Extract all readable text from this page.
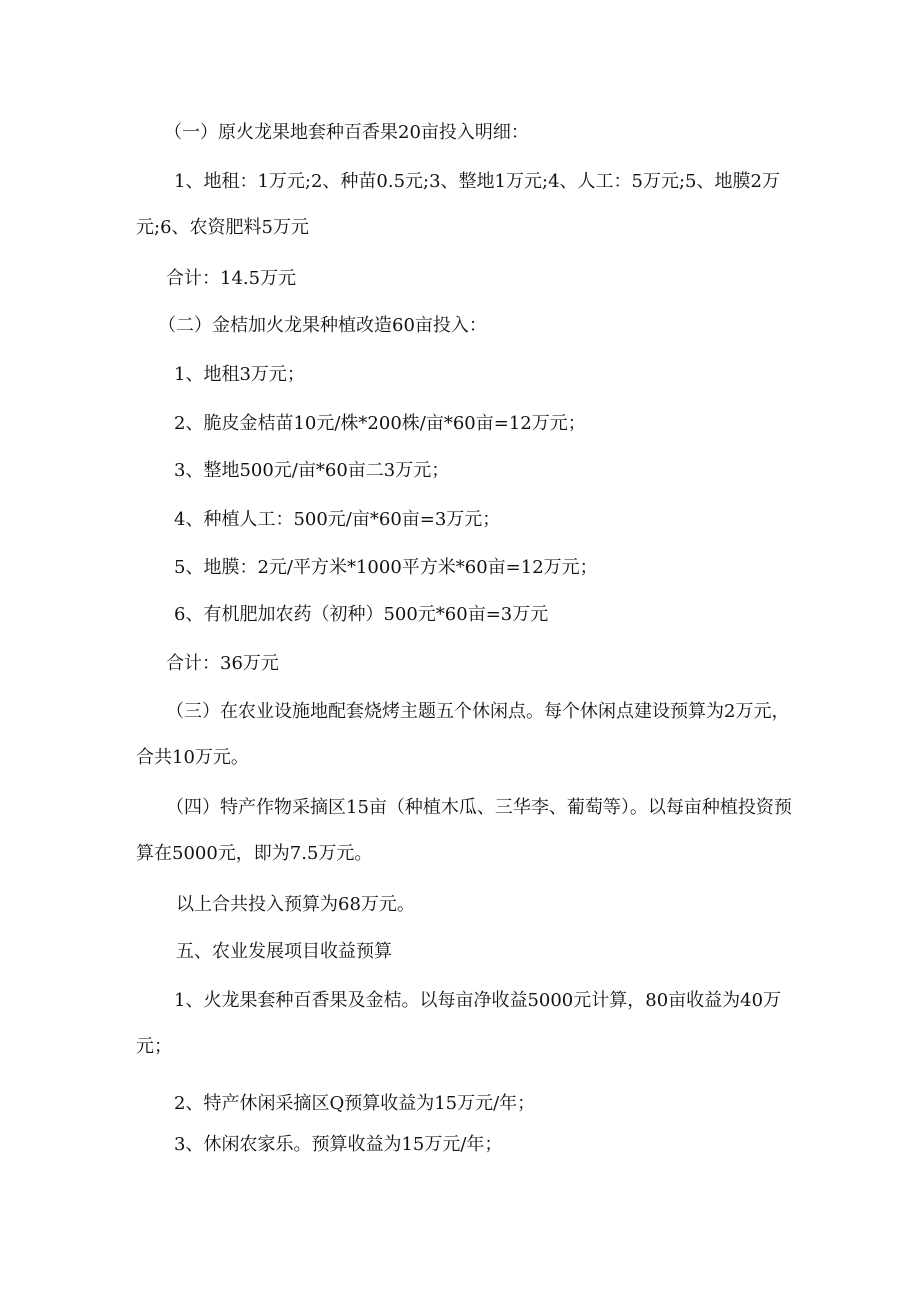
（一）原火龙果地套种百香果20亩投入明细：

1、地租：1万元;2、种苗0.5元;3、整地1万元;4、人工：5万元;5、地膜2万元;6、农资肥料5万元

合计：14.5万元

（二）金桔加火龙果种植改造60亩投入：

1、地租3万元；

2、脆皮金桔苗10元/株*200株/亩*60亩=12万元；

3、整地500元/亩*60亩二3万元；

4、种植人工：500元/亩*60亩=3万元；

5、地膜：2元/平方米*1000平方米*60亩=12万元；

6、有机肥加农药（初种）500元*60亩=3万元

合计：36万元

（三）在农业设施地配套烧烤主题五个休闲点。每个休闲点建设预算为2万元，合共10万元。

（四）特产作物采摘区15亩（种植木瓜、三华李、葡萄等）。以每亩种植投资预算在5000元，即为7.5万元。

以上合共投入预算为68万元。

五、农业发展项目收益预算

1、火龙果套种百香果及金桔。以每亩净收益5000元计算，80亩收益为40万元；

2、特产休闲采摘区Q预算收益为15万元/年；

3、休闲农家乐。预算收益为15万元/年；
